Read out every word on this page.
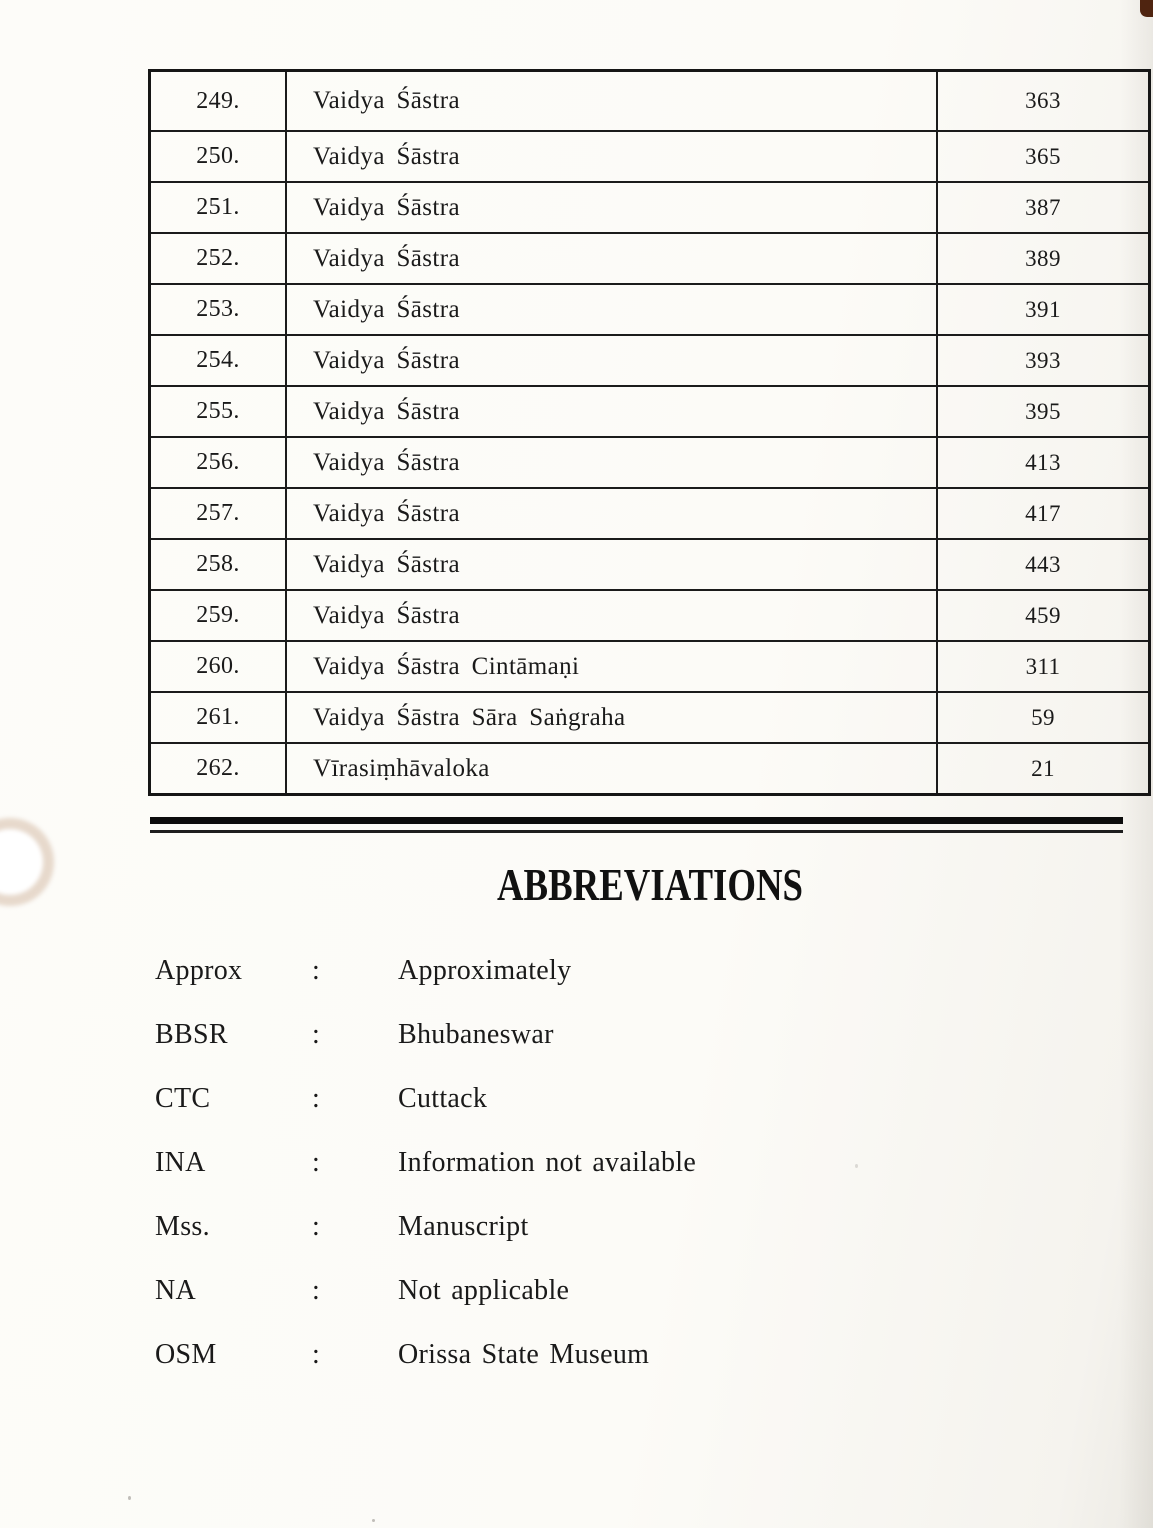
249.	Vaidya Śāstra	363
250.	Vaidya Śāstra	365
251.	Vaidya Śāstra	387
252.	Vaidya Śāstra	389
253.	Vaidya Śāstra	391
254.	Vaidya Śāstra	393
255.	Vaidya Śāstra	395
256.	Vaidya Śāstra	413
257.	Vaidya Śāstra	417
258.	Vaidya Śāstra	443
259.	Vaidya Śāstra	459
260.	Vaidya Śāstra Cintāmaṇi	311
261.	Vaidya Śāstra Sāra Saṅgraha	59
262.	Vīrasiṃhāvaloka	21
ABBREVIATIONS
Approx	:	Approximately
BBSR	:	Bhubaneswar
CTC	:	Cuttack
INA	:	Information not available
Mss.	:	Manuscript
NA	:	Not applicable
OSM	:	Orissa State Museum
